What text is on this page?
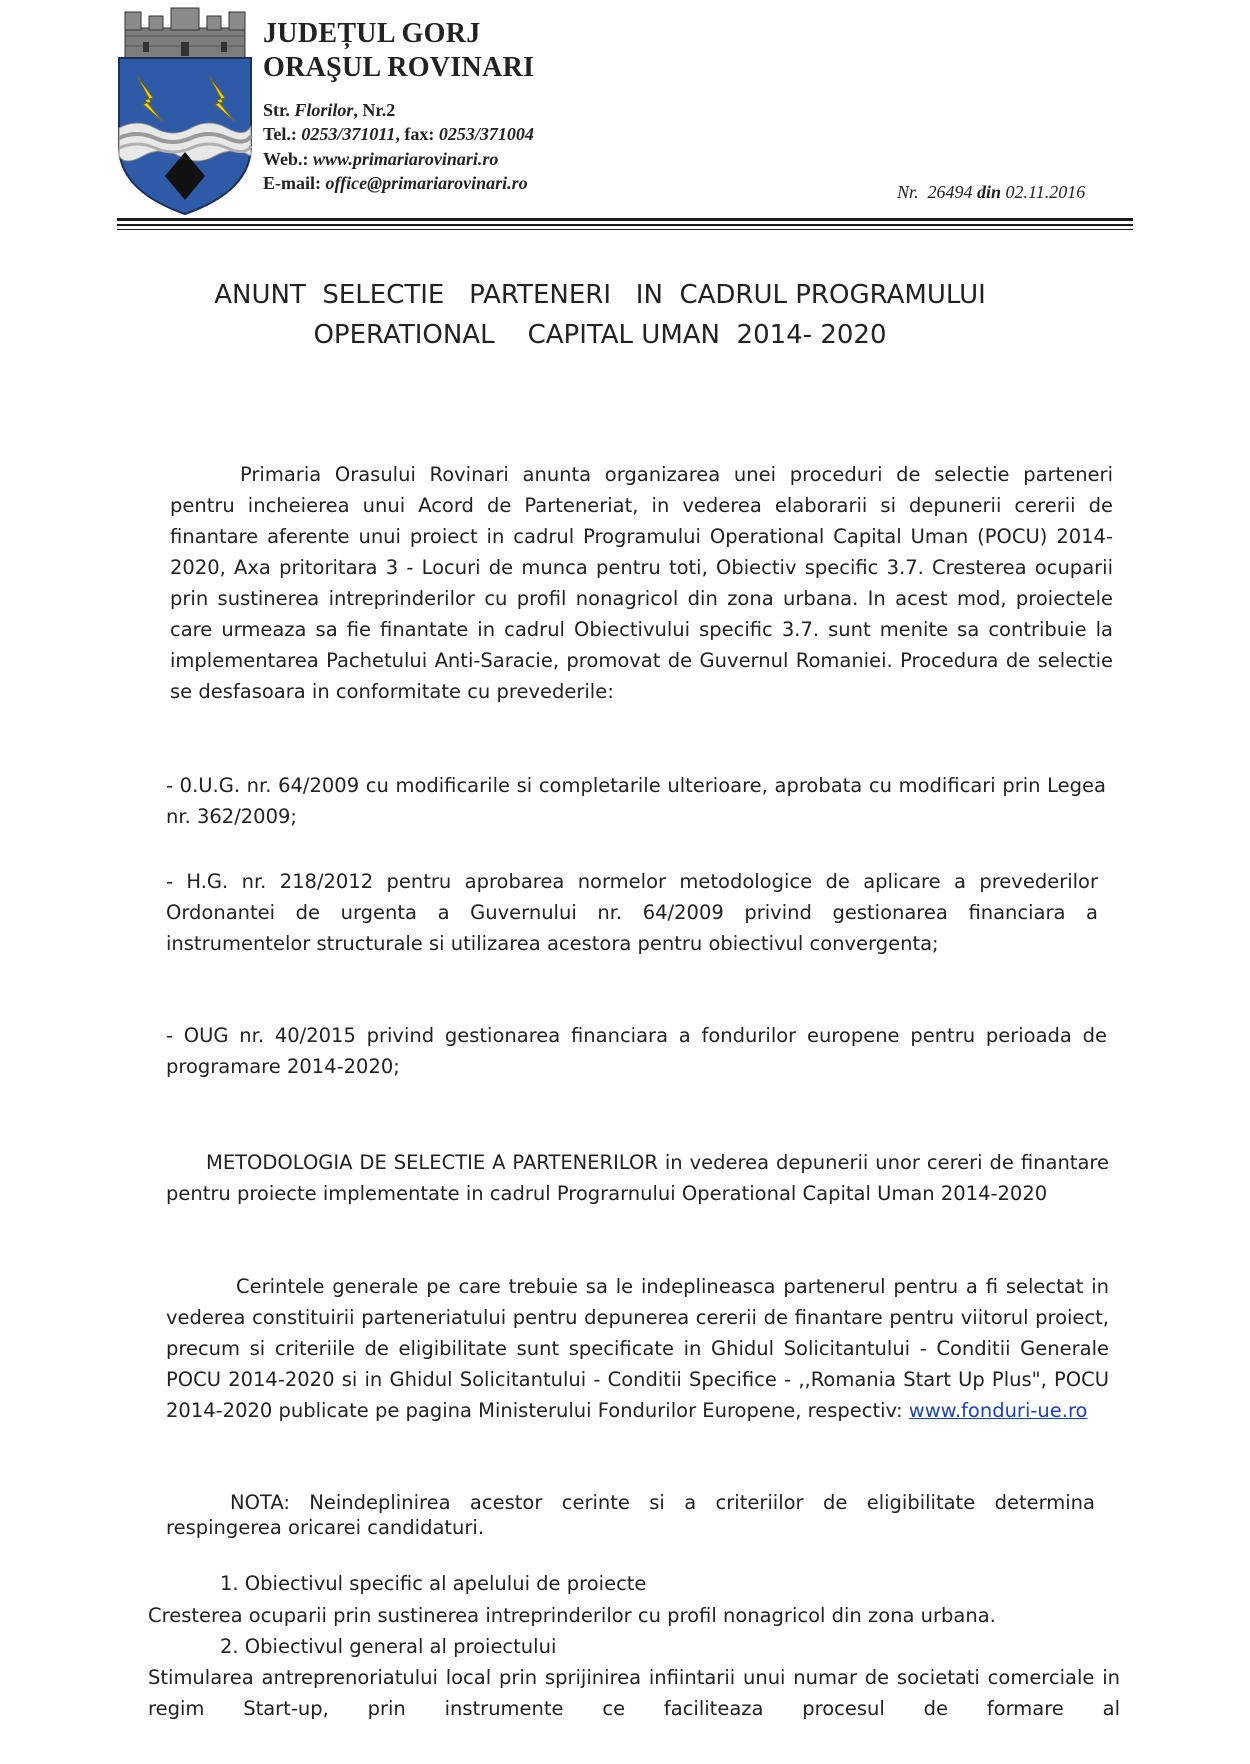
JUDEȚUL GORJ
ORAŞUL ROVINARI
Str. Florilor, Nr.2
Tel.: 0253/371011, fax: 0253/371004
Web.: www.primariarovinari.ro
E-mail: office@primariarovinari.ro	Nr.  26494 din 02.11.2016
ANUNT  SELECTIE   PARTENERI   IN  CADRUL PROGRAMULUI
OPERATIONAL    CAPITAL UMAN  2014- 2020
Primaria Orasului Rovinari anunta organizarea unei proceduri de selectie parteneri pentru incheierea unui Acord de Parteneriat, in vederea elaborarii si depunerii cererii de finantare aferente unui proiect in cadrul Programului Operational Capital Uman (POCU) 2014-2020, Axa pritoritara 3 - Locuri de munca pentru toti, Obiectiv specific 3.7. Cresterea ocuparii prin sustinerea intreprinderilor cu profil nonagricol din zona urbana. In acest mod, proiectele care urmeaza sa fie finantate in cadrul Obiectivului specific 3.7. sunt menite sa contribuie la implementarea Pachetului Anti-Saracie, promovat de Guvernul Romaniei. Procedura de selectie se desfasoara in conformitate cu prevederile:
- 0.U.G. nr. 64/2009 cu modificarile si completarile ulterioare, aprobata cu modificari prin Legea nr. 362/2009;
- H.G. nr. 218/2012 pentru aprobarea normelor metodologice de aplicare a prevederilor Ordonantei de urgenta a Guvernului nr. 64/2009 privind gestionarea financiara a instrumentelor structurale si utilizarea acestora pentru obiectivul convergenta;
- OUG nr. 40/2015 privind gestionarea financiara a fondurilor europene pentru perioada de programare 2014-2020;
METODOLOGIA DE SELECTIE A PARTENERILOR in vederea depunerii unor cereri de finantare pentru proiecte implementate in cadrul Prograrnului Operational Capital Uman 2014-2020
Cerintele generale pe care trebuie sa le indeplineasca partenerul pentru a fi selectat in vederea constituirii parteneriatului pentru depunerea cererii de finantare pentru viitorul proiect, precum si criteriile de eligibilitate sunt specificate in Ghidul Solicitantului - Conditii Generale POCU 2014-2020 si in Ghidul Solicitantului - Conditii Specifice - ,,Romania Start Up Plus", POCU 2014-2020 publicate pe pagina Ministerului Fondurilor Europene, respectiv: www.fonduri-ue.ro
NOTA: Neindeplinirea acestor cerinte si a criteriilor de eligibilitate determina respingerea oricarei candidaturi.
1. Obiectivul specific al apelului de proiecte
Cresterea ocuparii prin sustinerea intreprinderilor cu profil nonagricol din zona urbana.
2. Obiectivul general al proiectului
Stimularea antreprenoriatului local prin sprijinirea infiintarii unui numar de societati comerciale in regim Start-up, prin instrumente ce faciliteaza procesul de formare al
